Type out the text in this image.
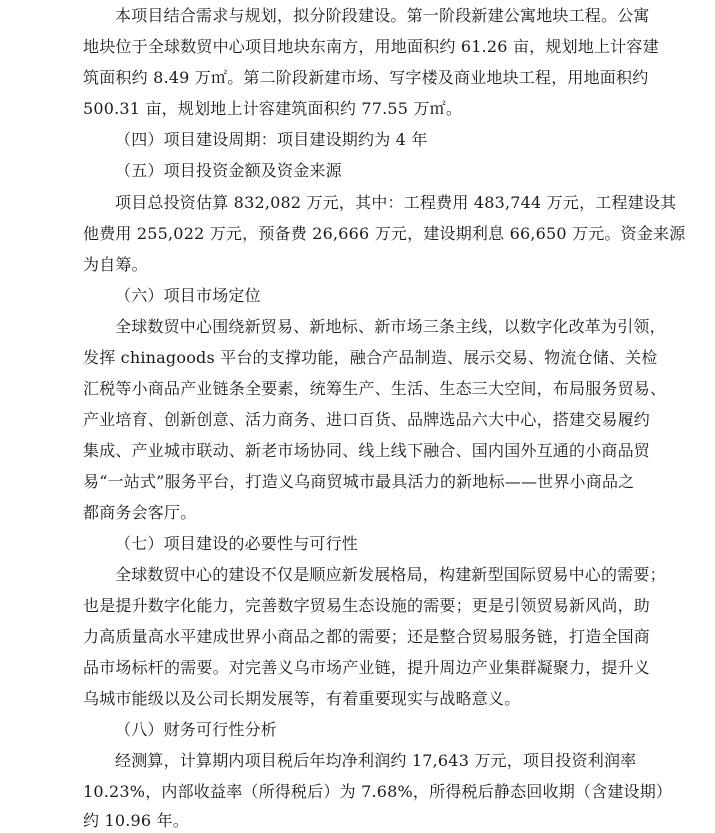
本项目结合需求与规划，拟分阶段建设。第一阶段新建公寓地块工程。公寓
地块位于全球数贸中心项目地块东南方，用地面积约 61.26 亩，规划地上计容建
筑面积约 8.49 万㎡。第二阶段新建市场、写字楼及商业地块工程，用地面积约
500.31 亩，规划地上计容建筑面积约 77.55 万㎡。
（四）项目建设周期：项目建设期约为 4 年
（五）项目投资金额及资金来源
项目总投资估算 832,082 万元，其中：工程费用 483,744 万元，工程建设其
他费用 255,022 万元，预备费 26,666 万元，建设期利息 66,650 万元。资金来源
为自筹。
（六）项目市场定位
全球数贸中心围绕新贸易、新地标、新市场三条主线，以数字化改革为引领，
发挥 chinagoods 平台的支撑功能，融合产品制造、展示交易、物流仓储、关检
汇税等小商品产业链条全要素，统筹生产、生活、生态三大空间，布局服务贸易、
产业培育、创新创意、活力商务、进口百货、品牌选品六大中心，搭建交易履约
集成、产业城市联动、新老市场协同、线上线下融合、国内国外互通的小商品贸
易“一站式”服务平台，打造义乌商贸城市最具活力的新地标——世界小商品之
都商务会客厅。
（七）项目建设的必要性与可行性
全球数贸中心的建设不仅是顺应新发展格局，构建新型国际贸易中心的需要；
也是提升数字化能力，完善数字贸易生态设施的需要；更是引领贸易新风尚，助
力高质量高水平建成世界小商品之都的需要；还是整合贸易服务链，打造全国商
品市场标杆的需要。对完善义乌市场产业链，提升周边产业集群凝聚力，提升义
乌城市能级以及公司长期发展等，有着重要现实与战略意义。
（八）财务可行性分析
经测算，计算期内项目税后年均净利润约 17,643 万元，项目投资利润率
10.23%，内部收益率（所得税后）为 7.68%，所得税后静态回收期（含建设期）
约 10.96 年。
